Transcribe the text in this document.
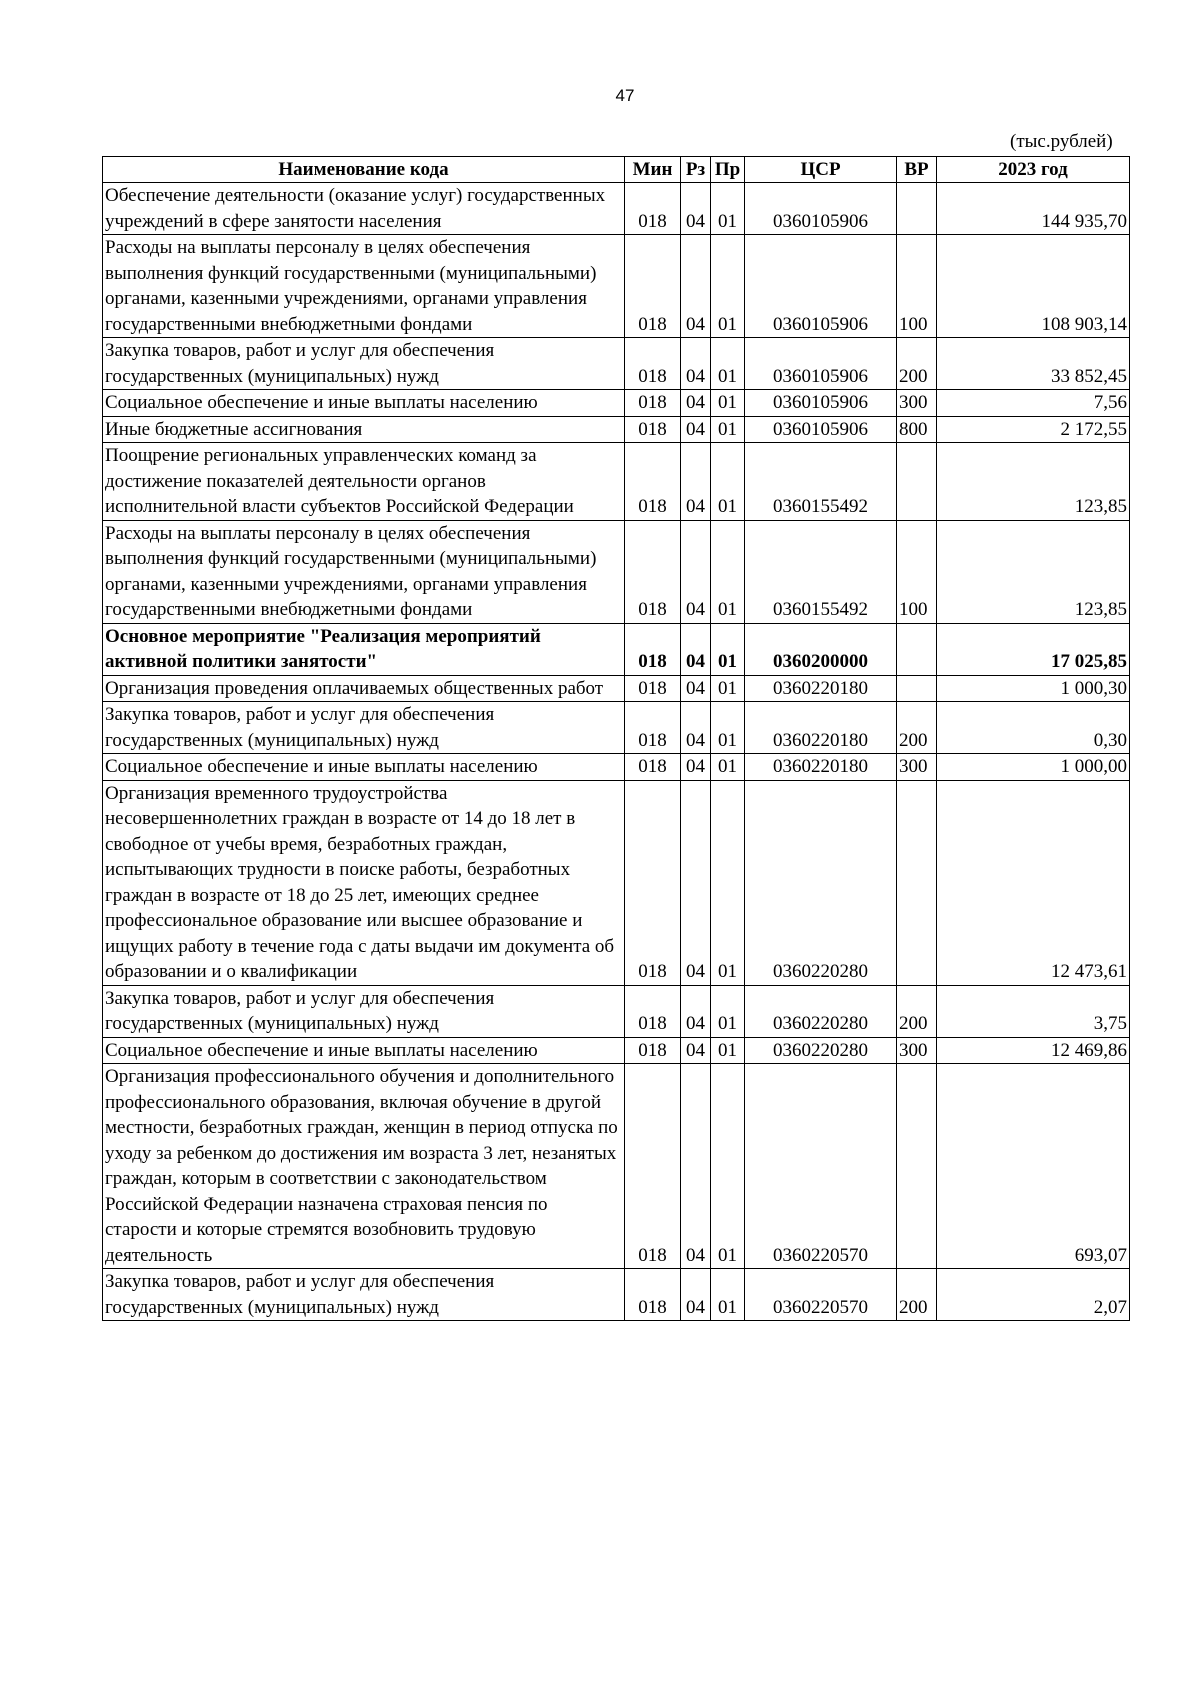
47
(тыс.рублей)
Наименование кода	Мин	Рз	Пр	ЦСР	ВР	2023 год
Обеспечение деятельности (оказание услуг) государственных учреждений в сфере занятости населения	018	04	01	0360105906		144 935,70
Расходы на выплаты персоналу в целях обеспечения выполнения функций государственными (муниципальными) органами, казенными учреждениями, органами управления государственными внебюджетными фондами	018	04	01	0360105906	100	108 903,14
Закупка товаров, работ и услуг для обеспечения государственных (муниципальных) нужд	018	04	01	0360105906	200	33 852,45
Социальное обеспечение и иные выплаты населению	018	04	01	0360105906	300	7,56
Иные бюджетные ассигнования	018	04	01	0360105906	800	2 172,55
Поощрение региональных управленческих команд за достижение показателей деятельности органов исполнительной власти субъектов Российской Федерации	018	04	01	0360155492		123,85
Расходы на выплаты персоналу в целях обеспечения выполнения функций государственными (муниципальными) органами, казенными учреждениями, органами управления государственными внебюджетными фондами	018	04	01	0360155492	100	123,85
Основное мероприятие "Реализация мероприятий активной политики занятости"	018	04	01	0360200000		17 025,85
Организация проведения оплачиваемых общественных работ	018	04	01	0360220180		1 000,30
Закупка товаров, работ и услуг для обеспечения государственных (муниципальных) нужд	018	04	01	0360220180	200	0,30
Социальное обеспечение и иные выплаты населению	018	04	01	0360220180	300	1 000,00
Организация временного трудоустройства несовершеннолетних граждан в возрасте от 14 до 18 лет в свободное от учебы время, безработных граждан, испытывающих трудности в поиске работы, безработных граждан в возрасте от 18 до 25 лет, имеющих среднее профессиональное образование или высшее образование и ищущих работу в течение года с даты выдачи им документа об образовании и о квалификации	018	04	01	0360220280		12 473,61
Закупка товаров, работ и услуг для обеспечения государственных (муниципальных) нужд	018	04	01	0360220280	200	3,75
Социальное обеспечение и иные выплаты населению	018	04	01	0360220280	300	12 469,86
Организация профессионального обучения и дополнительного профессионального образования, включая обучение в другой местности, безработных граждан, женщин в период отпуска по уходу за ребенком до достижения им возраста 3 лет, незанятых граждан, которым в соответствии с законодательством Российской Федерации назначена страховая пенсия по старости и которые стремятся возобновить трудовую деятельность	018	04	01	0360220570		693,07
Закупка товаров, работ и услуг для обеспечения государственных (муниципальных) нужд	018	04	01	0360220570	200	2,07
